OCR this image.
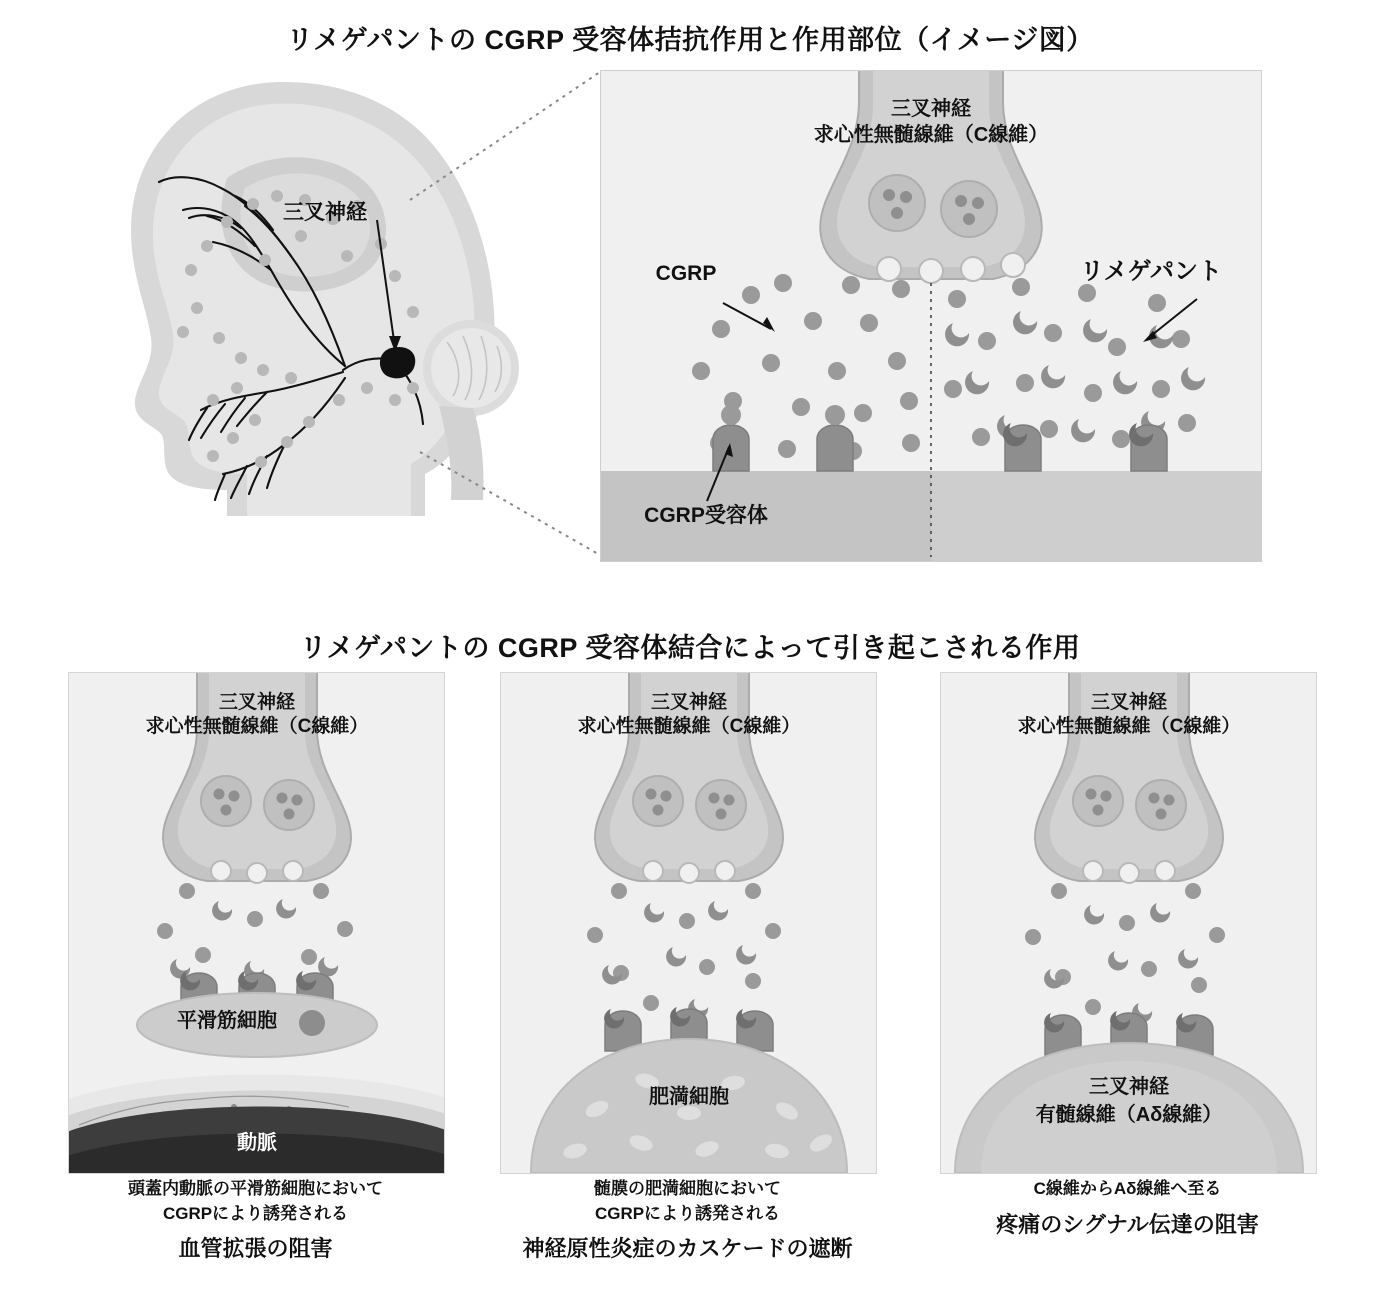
リメゲパントの CGRP 受容体拮抗作用と作用部位（イメージ図）
三叉神経
三叉神経
求心性無髄線維（C線維）
CGRP	リメゲパント
CGRP受容体
リメゲパントの CGRP 受容体結合によって引き起こされる作用
三叉神経
求心性無髄線維（C線維）
平滑筋細胞
動脈
頭蓋内動脈の平滑筋細胞において
CGRPにより誘発される
血管拡張の阻害
三叉神経
求心性無髄線維（C線維）
肥満細胞
髄膜の肥満細胞において
CGRPにより誘発される
神経原性炎症のカスケードの遮断
三叉神経
求心性無髄線維（C線維）
三叉神経
有髄線維（Aδ線維）
C線維からAδ線維へ至る
疼痛のシグナル伝達の阻害
